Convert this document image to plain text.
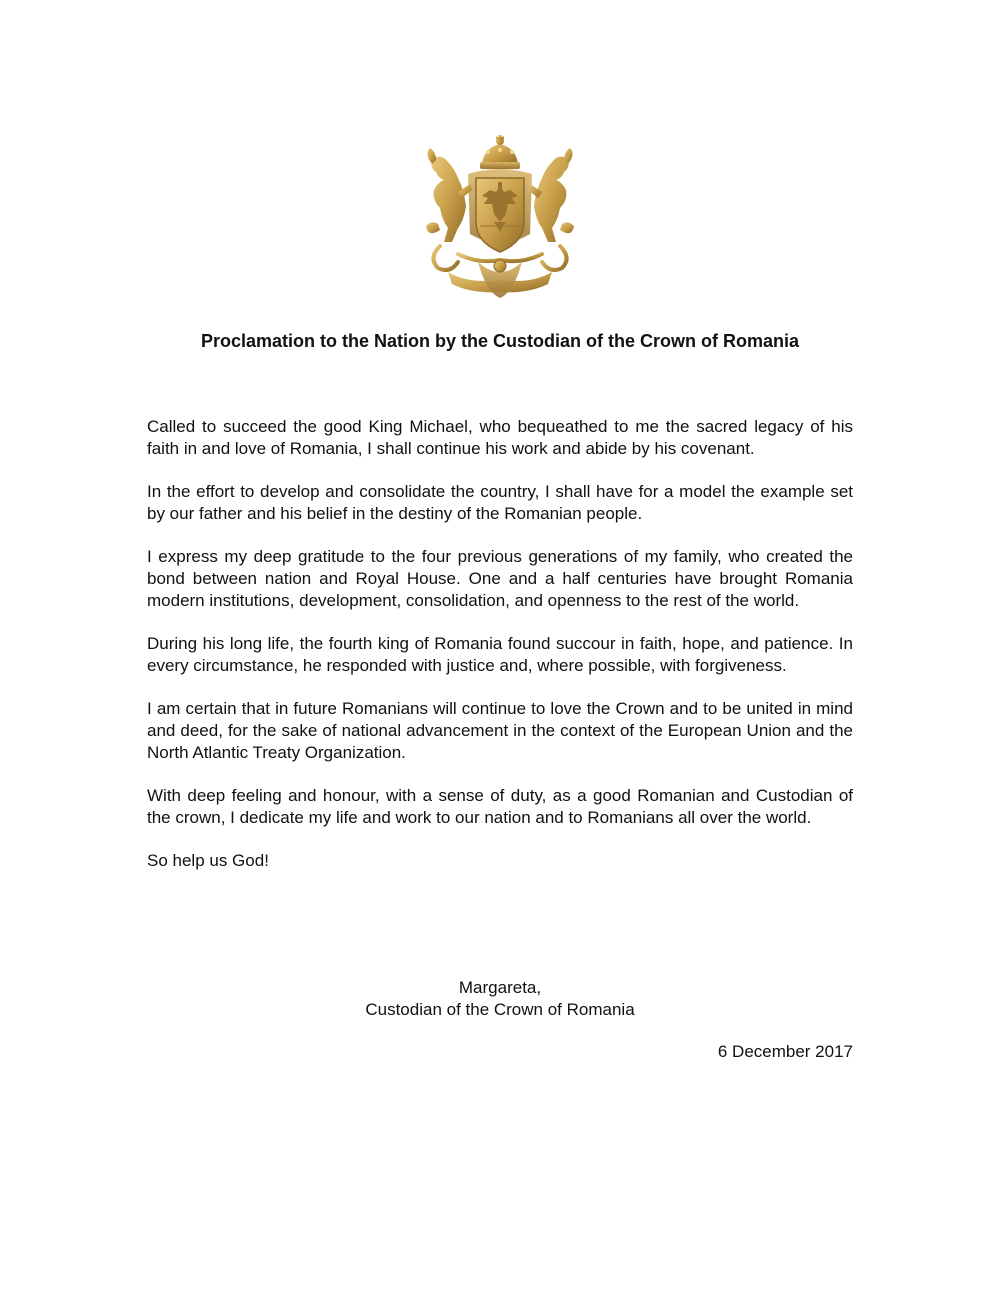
Proclamation to the Nation by the Custodian of the Crown of Romania

Called to succeed the good King Michael, who bequeathed to me the sacred legacy of his faith in and love of Romania, I shall continue his work and abide by his covenant.

In the effort to develop and consolidate the country, I shall have for a model the example set by our father and his belief in the destiny of the Romanian people.

I express my deep gratitude to the four previous generations of my family, who created the bond between nation and Royal House. One and a half centuries have brought Romania modern institutions, development, consolidation, and openness to the rest of the world.

During his long life, the fourth king of Romania found succour in faith, hope, and patience. In every circumstance, he responded with justice and, where possible, with forgiveness.

I am certain that in future Romanians will continue to love the Crown and to be united in mind and deed, for the sake of national advancement in the context of the European Union and the North Atlantic Treaty Organization.

With deep feeling and honour, with a sense of duty, as a good Romanian and Custodian of the crown, I dedicate my life and work to our nation and to Romanians all over the world.

So help us God!

Margareta,
Custodian of the Crown of Romania
6 December 2017
